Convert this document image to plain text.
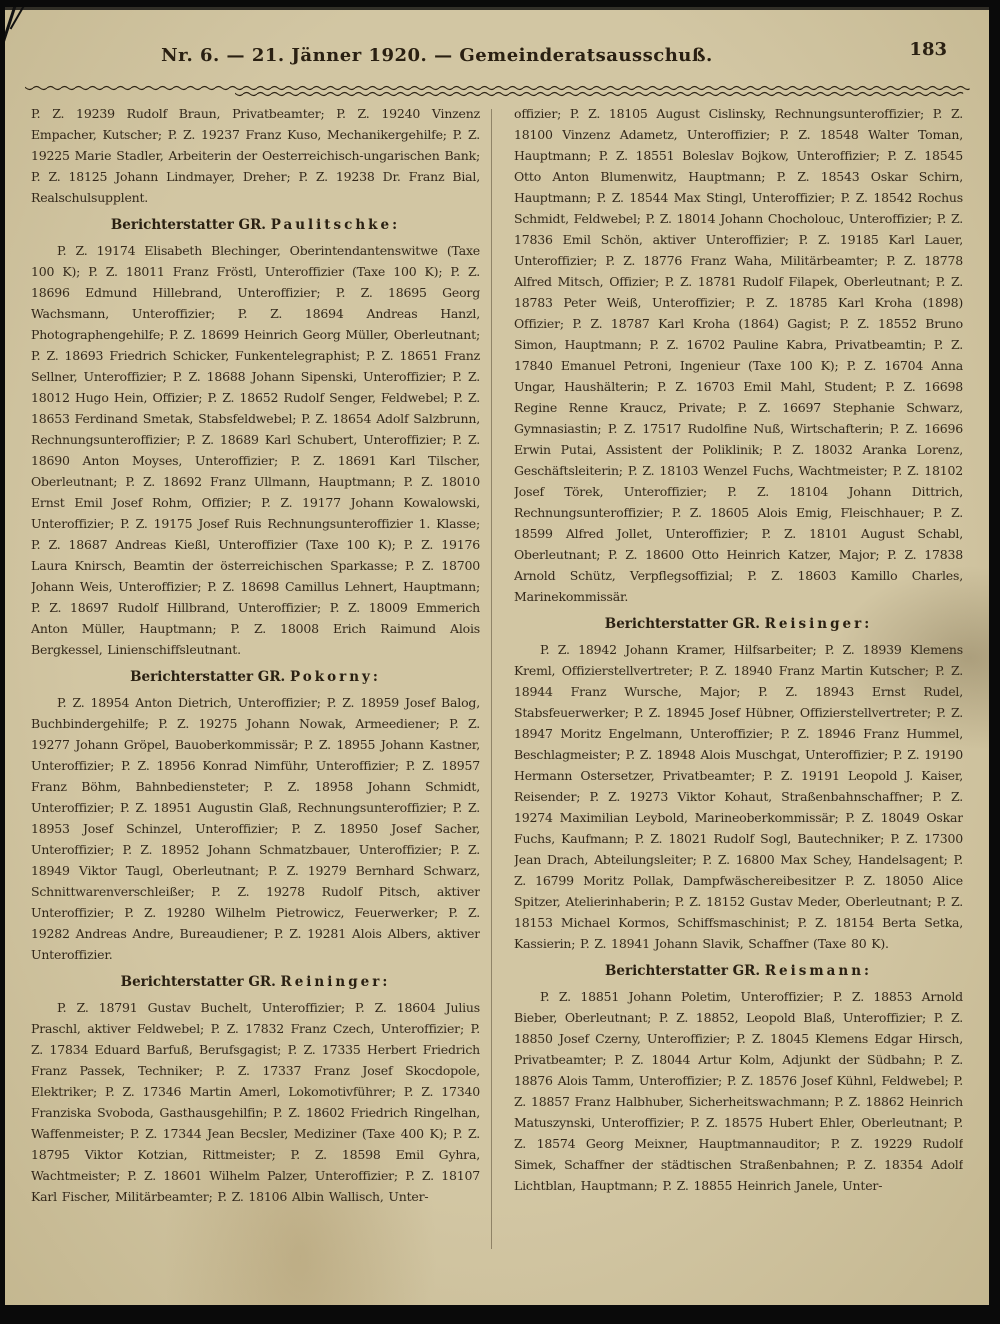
Nr. 6. — 21. Jänner 1920. — Gemeinderatsausschuß.	183

P. Z. 19239 Rudolf Braun, Privatbeamter; P. Z. 19240 Vinzenz Empacher, Kutscher; P. Z. 19237 Franz Kuso, Mechanikergehilfe; P. Z. 19225 Marie Stadler, Arbeiterin der Oesterreichisch-ungarischen Bank; P. Z. 18125 Johann Lindmayer, Dreher; P. Z. 19238 Dr. Franz Bial, Realschulsupplent.

Berichterstatter GR. Paulitschke:

P. Z. 19174 Elisabeth Blechinger, Oberintendantenswitwe (Taxe 100 K); P. Z. 18011 Franz Fröstl, Unteroffizier (Taxe 100 K); P. Z. 18696 Edmund Hillebrand, Unteroffizier; P. Z. 18695 Georg Wachsmann, Unteroffizier; P. Z. 18694 Andreas Hanzl, Photographengehilfe; P. Z. 18699 Heinrich Georg Müller, Oberleutnant; P. Z. 18693 Friedrich Schicker, Funkentelegraphist; P. Z. 18651 Franz Sellner, Unteroffizier; P. Z. 18688 Johann Sipenski, Unteroffizier; P. Z. 18012 Hugo Hein, Offizier; P. Z. 18652 Rudolf Senger, Feldwebel; P. Z. 18653 Ferdinand Smetak, Stabsfeldwebel; P. Z. 18654 Adolf Salzbrunn, Rechnungsunteroffizier; P. Z. 18689 Karl Schubert, Unteroffizier; P. Z. 18690 Anton Moyses, Unteroffizier; P. Z. 18691 Karl Tilscher, Oberleutnant; P. Z. 18692 Franz Ullmann, Hauptmann; P. Z. 18010 Ernst Emil Josef Rohm, Offizier; P. Z. 19177 Johann Kowalowski, Unteroffizier; P. Z. 19175 Josef Ruis Rechnungsunteroffizier 1. Klasse; P. Z. 18687 Andreas Kießl, Unteroffizier (Taxe 100 K); P. Z. 19176 Laura Knirsch, Beamtin der österreichischen Sparkasse; P. Z. 18700 Johann Weis, Unteroffizier; P. Z. 18698 Camillus Lehnert, Hauptmann; P. Z. 18697 Rudolf Hillbrand, Unteroffizier; P. Z. 18009 Emmerich Anton Müller, Hauptmann; P. Z. 18008 Erich Raimund Alois Bergkessel, Linienschiffsleutnant.

Berichterstatter GR. Pokorny:

P. Z. 18954 Anton Dietrich, Unteroffizier; P. Z. 18959 Josef Balog, Buchbindergehilfe; P. Z. 19275 Johann Nowak, Armeediener; P. Z. 19277 Johann Gröpel, Bauoberkommissär; P. Z. 18955 Johann Kastner, Unteroffizier; P. Z. 18956 Konrad Nimführ, Unteroffizier; P. Z. 18957 Franz Böhm, Bahnbediensteter; P. Z. 18958 Johann Schmidt, Unteroffizier; P. Z. 18951 Augustin Glaß, Rechnungsunteroffizier; P. Z. 18953 Josef Schinzel, Unteroffizier; P. Z. 18950 Josef Sacher, Unteroffizier; P. Z. 18952 Johann Schmatzbauer, Unteroffizier; P. Z. 18949 Viktor Taugl, Oberleutnant; P. Z. 19279 Bernhard Schwarz, Schnittwarenverschleißer; P. Z. 19278 Rudolf Pitsch, aktiver Unteroffizier; P. Z. 19280 Wilhelm Pietrowicz, Feuerwerker; P. Z. 19282 Andreas Andre, Bureaudiener; P. Z. 19281 Alois Albers, aktiver Unteroffizier.

Berichterstatter GR. Reininger:

P. Z. 18791 Gustav Buchelt, Unteroffizier; P. Z. 18604 Julius Praschl, aktiver Feldwebel; P. Z. 17832 Franz Czech, Unteroffizier; P. Z. 17834 Eduard Barfuß, Berufsgagist; P. Z. 17335 Herbert Friedrich Franz Passek, Techniker; P. Z. 17337 Franz Josef Skocdopole, Elektriker; P. Z. 17346 Martin Amerl, Lokomotivführer; P. Z. 17340 Franziska Svoboda, Gasthausgehilfin; P. Z. 18602 Friedrich Ringelhan, Waffenmeister; P. Z. 17344 Jean Becsler, Mediziner (Taxe 400 K); P. Z. 18795 Viktor Kotzian, Rittmeister; P. Z. 18598 Emil Gyhra, Wachtmeister; P. Z. 18601 Wilhelm Palzer, Unteroffizier; P. Z. 18107 Karl Fischer, Militärbeamter; P. Z. 18106 Albin Wallisch, Unter-

offizier; P. Z. 18105 August Cislinsky, Rechnungsunteroffizier; P. Z. 18100 Vinzenz Adametz, Unteroffizier; P. Z. 18548 Walter Toman, Hauptmann; P. Z. 18551 Boleslav Bojkow, Unteroffizier; P. Z. 18545 Otto Anton Blumenwitz, Hauptmann; P. Z. 18543 Oskar Schirn, Hauptmann; P. Z. 18544 Max Stingl, Unteroffizier; P. Z. 18542 Rochus Schmidt, Feldwebel; P. Z. 18014 Johann Chocholouc, Unteroffizier; P. Z. 17836 Emil Schön, aktiver Unteroffizier; P. Z. 19185 Karl Lauer, Unteroffizier; P. Z. 18776 Franz Waha, Militärbeamter; P. Z. 18778 Alfred Mitsch, Offizier; P. Z. 18781 Rudolf Filapek, Oberleutnant; P. Z. 18783 Peter Weiß, Unteroffizier; P. Z. 18785 Karl Kroha (1898) Offizier; P. Z. 18787 Karl Kroha (1864) Gagist; P. Z. 18552 Bruno Simon, Hauptmann; P. Z. 16702 Pauline Kabra, Privatbeamtin; P. Z. 17840 Emanuel Petroni, Ingenieur (Taxe 100 K); P. Z. 16704 Anna Ungar, Haushälterin; P. Z. 16703 Emil Mahl, Student; P. Z. 16698 Regine Renne Kraucz, Private; P. Z. 16697 Stephanie Schwarz, Gymnasiastin; P. Z. 17517 Rudolfine Nuß, Wirtschafterin; P. Z. 16696 Erwin Putai, Assistent der Poliklinik; P. Z. 18032 Aranka Lorenz, Geschäftsleiterin; P. Z. 18103 Wenzel Fuchs, Wachtmeister; P. Z. 18102 Josef Törek, Unteroffizier; P. Z. 18104 Johann Dittrich, Rechnungsunteroffizier; P. Z. 18605 Alois Emig, Fleischhauer; P. Z. 18599 Alfred Jollet, Unteroffizier; P. Z. 18101 August Schabl, Oberleutnant; P. Z. 18600 Otto Heinrich Katzer, Major; P. Z. 17838 Arnold Schütz, Verpflegsoffizial; P. Z. 18603 Kamillo Charles, Marinekommissär.

Berichterstatter GR. Reisinger:

P. Z. 18942 Johann Kramer, Hilfsarbeiter; P. Z. 18939 Klemens Kreml, Offizierstellvertreter; P. Z. 18940 Franz Martin Kutscher; P. Z. 18944 Franz Wursche, Major; P. Z. 18943 Ernst Rudel, Stabsfeuerwerker; P. Z. 18945 Josef Hübner, Offizierstellvertreter; P. Z. 18947 Moritz Engelmann, Unteroffizier; P. Z. 18946 Franz Hummel, Beschlagmeister; P. Z. 18948 Alois Muschgat, Unteroffizier; P. Z. 19190 Hermann Ostersetzer, Privatbeamter; P. Z. 19191 Leopold J. Kaiser, Reisender; P. Z. 19273 Viktor Kohaut, Straßenbahnschaffner; P. Z. 19274 Maximilian Leybold, Marineoberkommissär; P. Z. 18049 Oskar Fuchs, Kaufmann; P. Z. 18021 Rudolf Sogl, Bautechniker; P. Z. 17300 Jean Drach, Abteilungsleiter; P. Z. 16800 Max Schey, Handelsagent; P. Z. 16799 Moritz Pollak, Dampfwäschereibesitzer P. Z. 18050 Alice Spitzer, Atelierinhaberin; P. Z. 18152 Gustav Meder, Oberleutnant; P. Z. 18153 Michael Kormos, Schiffsmaschinist; P. Z. 18154 Berta Setka, Kassierin; P. Z. 18941 Johann Slavik, Schaffner (Taxe 80 K).

Berichterstatter GR. Reismann:

P. Z. 18851 Johann Poletim, Unteroffizier; P. Z. 18853 Arnold Bieber, Oberleutnant; P. Z. 18852, Leopold Blaß, Unteroffizier; P. Z. 18850 Josef Czerny, Unteroffizier; P. Z. 18045 Klemens Edgar Hirsch, Privatbeamter; P. Z. 18044 Artur Kolm, Adjunkt der Südbahn; P. Z. 18876 Alois Tamm, Unteroffizier; P. Z. 18576 Josef Kühnl, Feldwebel; P. Z. 18857 Franz Halbhuber, Sicherheitswachmann; P. Z. 18862 Heinrich Matuszynski, Unteroffizier; P. Z. 18575 Hubert Ehler, Oberleutnant; P. Z. 18574 Georg Meixner, Hauptmannauditor; P. Z. 19229 Rudolf Simek, Schaffner der städtischen Straßenbahnen; P. Z. 18354 Adolf Lichtblan, Hauptmann; P. Z. 18855 Heinrich Janele, Unter-
